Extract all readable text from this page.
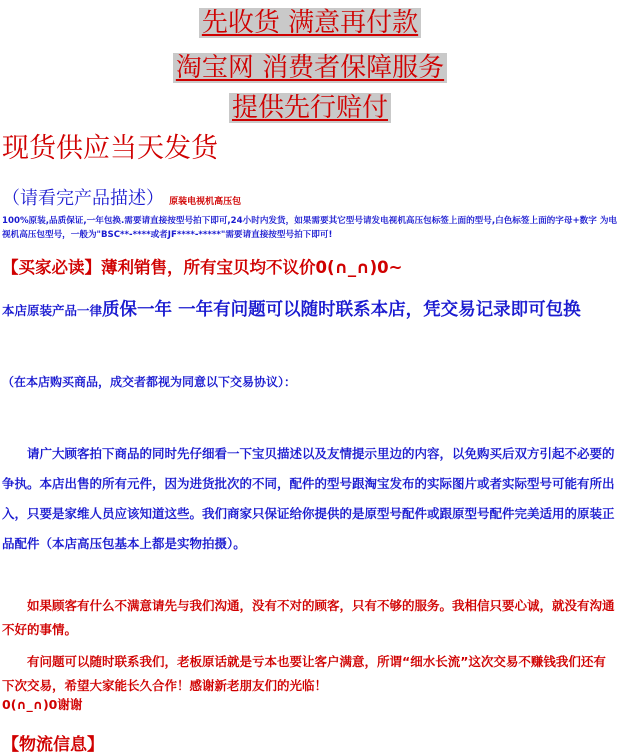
先收货 满意再付款
淘宝网 消费者保障服务
提供先行赔付
现货供应当天发货
（请看完产品描述） 原装电视机高压包
100%原装,品质保证,一年包换.需要请直接按型号拍下即可,24小时内发货，如果需要其它型号请发电视机高压包标签上面的型号,白色标签上面的字母+数字 为电视机高压包型号，一般为"BSC**-****或者JF****-*****"需要请直接按型号拍下即可!
【买家必读】薄利销售，所有宝贝均不议价0(∩_∩)0~
本店原装产品一律质保一年 一年有问题可以随时联系本店，凭交易记录即可包换
（在本店购买商品，成交者都视为同意以下交易协议）：

请广大顾客拍下商品的同时先仔细看一下宝贝描述以及友情提示里边的内容，以免购买后双方引起不必要的争执。本店出售的所有元件，因为进货批次的不同，配件的型号跟淘宝发布的实际图片或者实际型号可能有所出入，只要是家维人员应该知道这些。我们商家只保证给你提供的是原型号配件或跟原型号配件完美适用的原装正品配件（本店高压包基本上都是实物拍摄）。

如果顾客有什么不满意请先与我们沟通，没有不对的顾客，只有不够的服务。我相信只要心诚，就没有沟通不好的事情。

有问题可以随时联系我们，老板原话就是亏本也要让客户满意，所谓“细水长流”这次交易不赚钱我们还有下次交易，希望大家能长久合作！感谢新老朋友们的光临！

0(∩_∩)0谢谢
【物流信息】
